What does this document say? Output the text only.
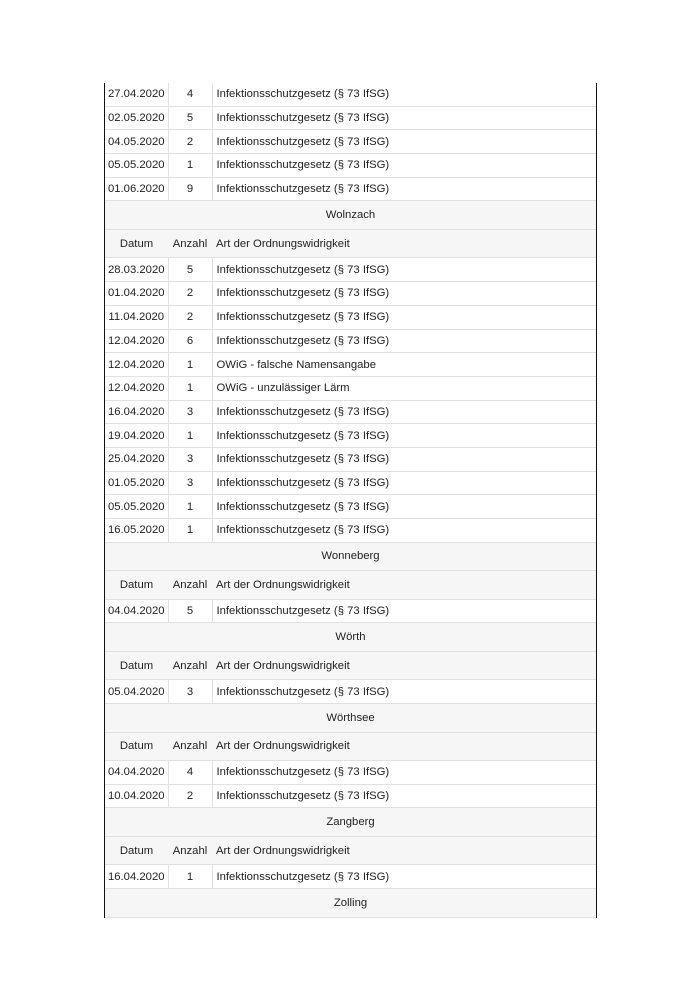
27.04.2020	4	Infektionsschutzgesetz (§ 73 IfSG)
02.05.2020	5	Infektionsschutzgesetz (§ 73 IfSG)
04.05.2020	2	Infektionsschutzgesetz (§ 73 IfSG)
05.05.2020	1	Infektionsschutzgesetz (§ 73 IfSG)
01.06.2020	9	Infektionsschutzgesetz (§ 73 IfSG)
Wolnzach		
Datum	Anzahl	Art der Ordnungswidrigkeit
28.03.2020	5	Infektionsschutzgesetz (§ 73 IfSG)
01.04.2020	2	Infektionsschutzgesetz (§ 73 IfSG)
11.04.2020	2	Infektionsschutzgesetz (§ 73 IfSG)
12.04.2020	6	Infektionsschutzgesetz (§ 73 IfSG)
12.04.2020	1	OWiG - falsche Namensangabe
12.04.2020	1	OWiG - unzulässiger Lärm
16.04.2020	3	Infektionsschutzgesetz (§ 73 IfSG)
19.04.2020	1	Infektionsschutzgesetz (§ 73 IfSG)
25.04.2020	3	Infektionsschutzgesetz (§ 73 IfSG)
01.05.2020	3	Infektionsschutzgesetz (§ 73 IfSG)
05.05.2020	1	Infektionsschutzgesetz (§ 73 IfSG)
16.05.2020	1	Infektionsschutzgesetz (§ 73 IfSG)
Wonneberg		
Datum	Anzahl	Art der Ordnungswidrigkeit
04.04.2020	5	Infektionsschutzgesetz (§ 73 IfSG)
Wörth		
Datum	Anzahl	Art der Ordnungswidrigkeit
05.04.2020	3	Infektionsschutzgesetz (§ 73 IfSG)
Wörthsee		
Datum	Anzahl	Art der Ordnungswidrigkeit
04.04.2020	4	Infektionsschutzgesetz (§ 73 IfSG)
10.04.2020	2	Infektionsschutzgesetz (§ 73 IfSG)
Zangberg		
Datum	Anzahl	Art der Ordnungswidrigkeit
16.04.2020	1	Infektionsschutzgesetz (§ 73 IfSG)
Zolling		
